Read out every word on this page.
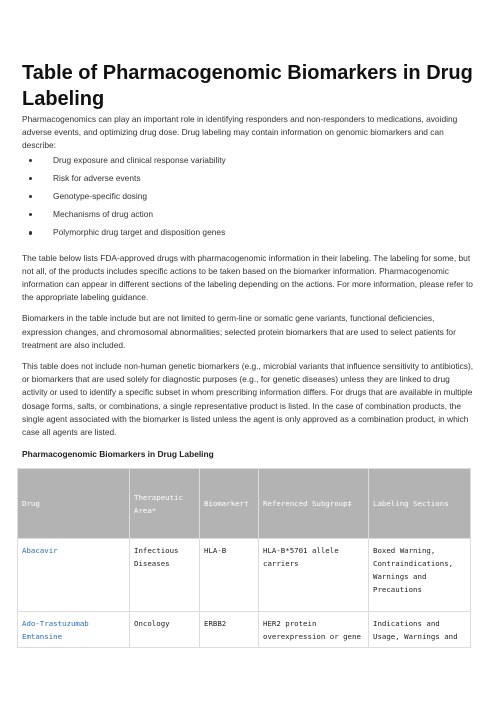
Table of Pharmacogenomic Biomarkers in Drug Labeling

Pharmacogenomics can play an important role in identifying responders and non-responders to medications, avoiding adverse events, and optimizing drug dose. Drug labeling may contain information on genomic biomarkers and can describe:

Drug exposure and clinical response variability
Risk for adverse events
Genotype-specific dosing
Mechanisms of drug action
Polymorphic drug target and disposition genes

The table below lists FDA-approved drugs with pharmacogenomic information in their labeling. The labeling for some, but not all, of the products includes specific actions to be taken based on the biomarker information. Pharmacogenomic information can appear in different sections of the labeling depending on the actions. For more information, please refer to the appropriate labeling guidance.

Biomarkers in the table include but are not limited to germ-line or somatic gene variants, functional deficiencies, expression changes, and chromosomal abnormalities; selected protein biomarkers that are used to select patients for treatment are also included.

This table does not include non-human genetic biomarkers (e.g., microbial variants that influence sensitivity to antibiotics), or biomarkers that are used solely for diagnostic purposes (e.g., for genetic diseases) unless they are linked to drug activity or used to identify a specific subset in whom prescribing information differs. For drugs that are available in multiple dosage forms, salts, or combinations, a single representative product is listed. In the case of combination products, the single agent associated with the biomarker is listed unless the agent is only approved as a combination product, in which case all agents are listed.

Pharmacogenomic Biomarkers in Drug Labeling
Drug	Therapeutic Area*	Biomarker†	Referenced Subgroup‡	Labeling Sections
Abacavir	Infectious Diseases	HLA-B	HLA-B*5701 allele carriers	Boxed Warning, Contraindications, Warnings and Precautions
Ado-Trastuzumab Emtansine	Oncology	ERBB2	HER2 protein overexpression or gene	Indications and Usage, Warnings and
